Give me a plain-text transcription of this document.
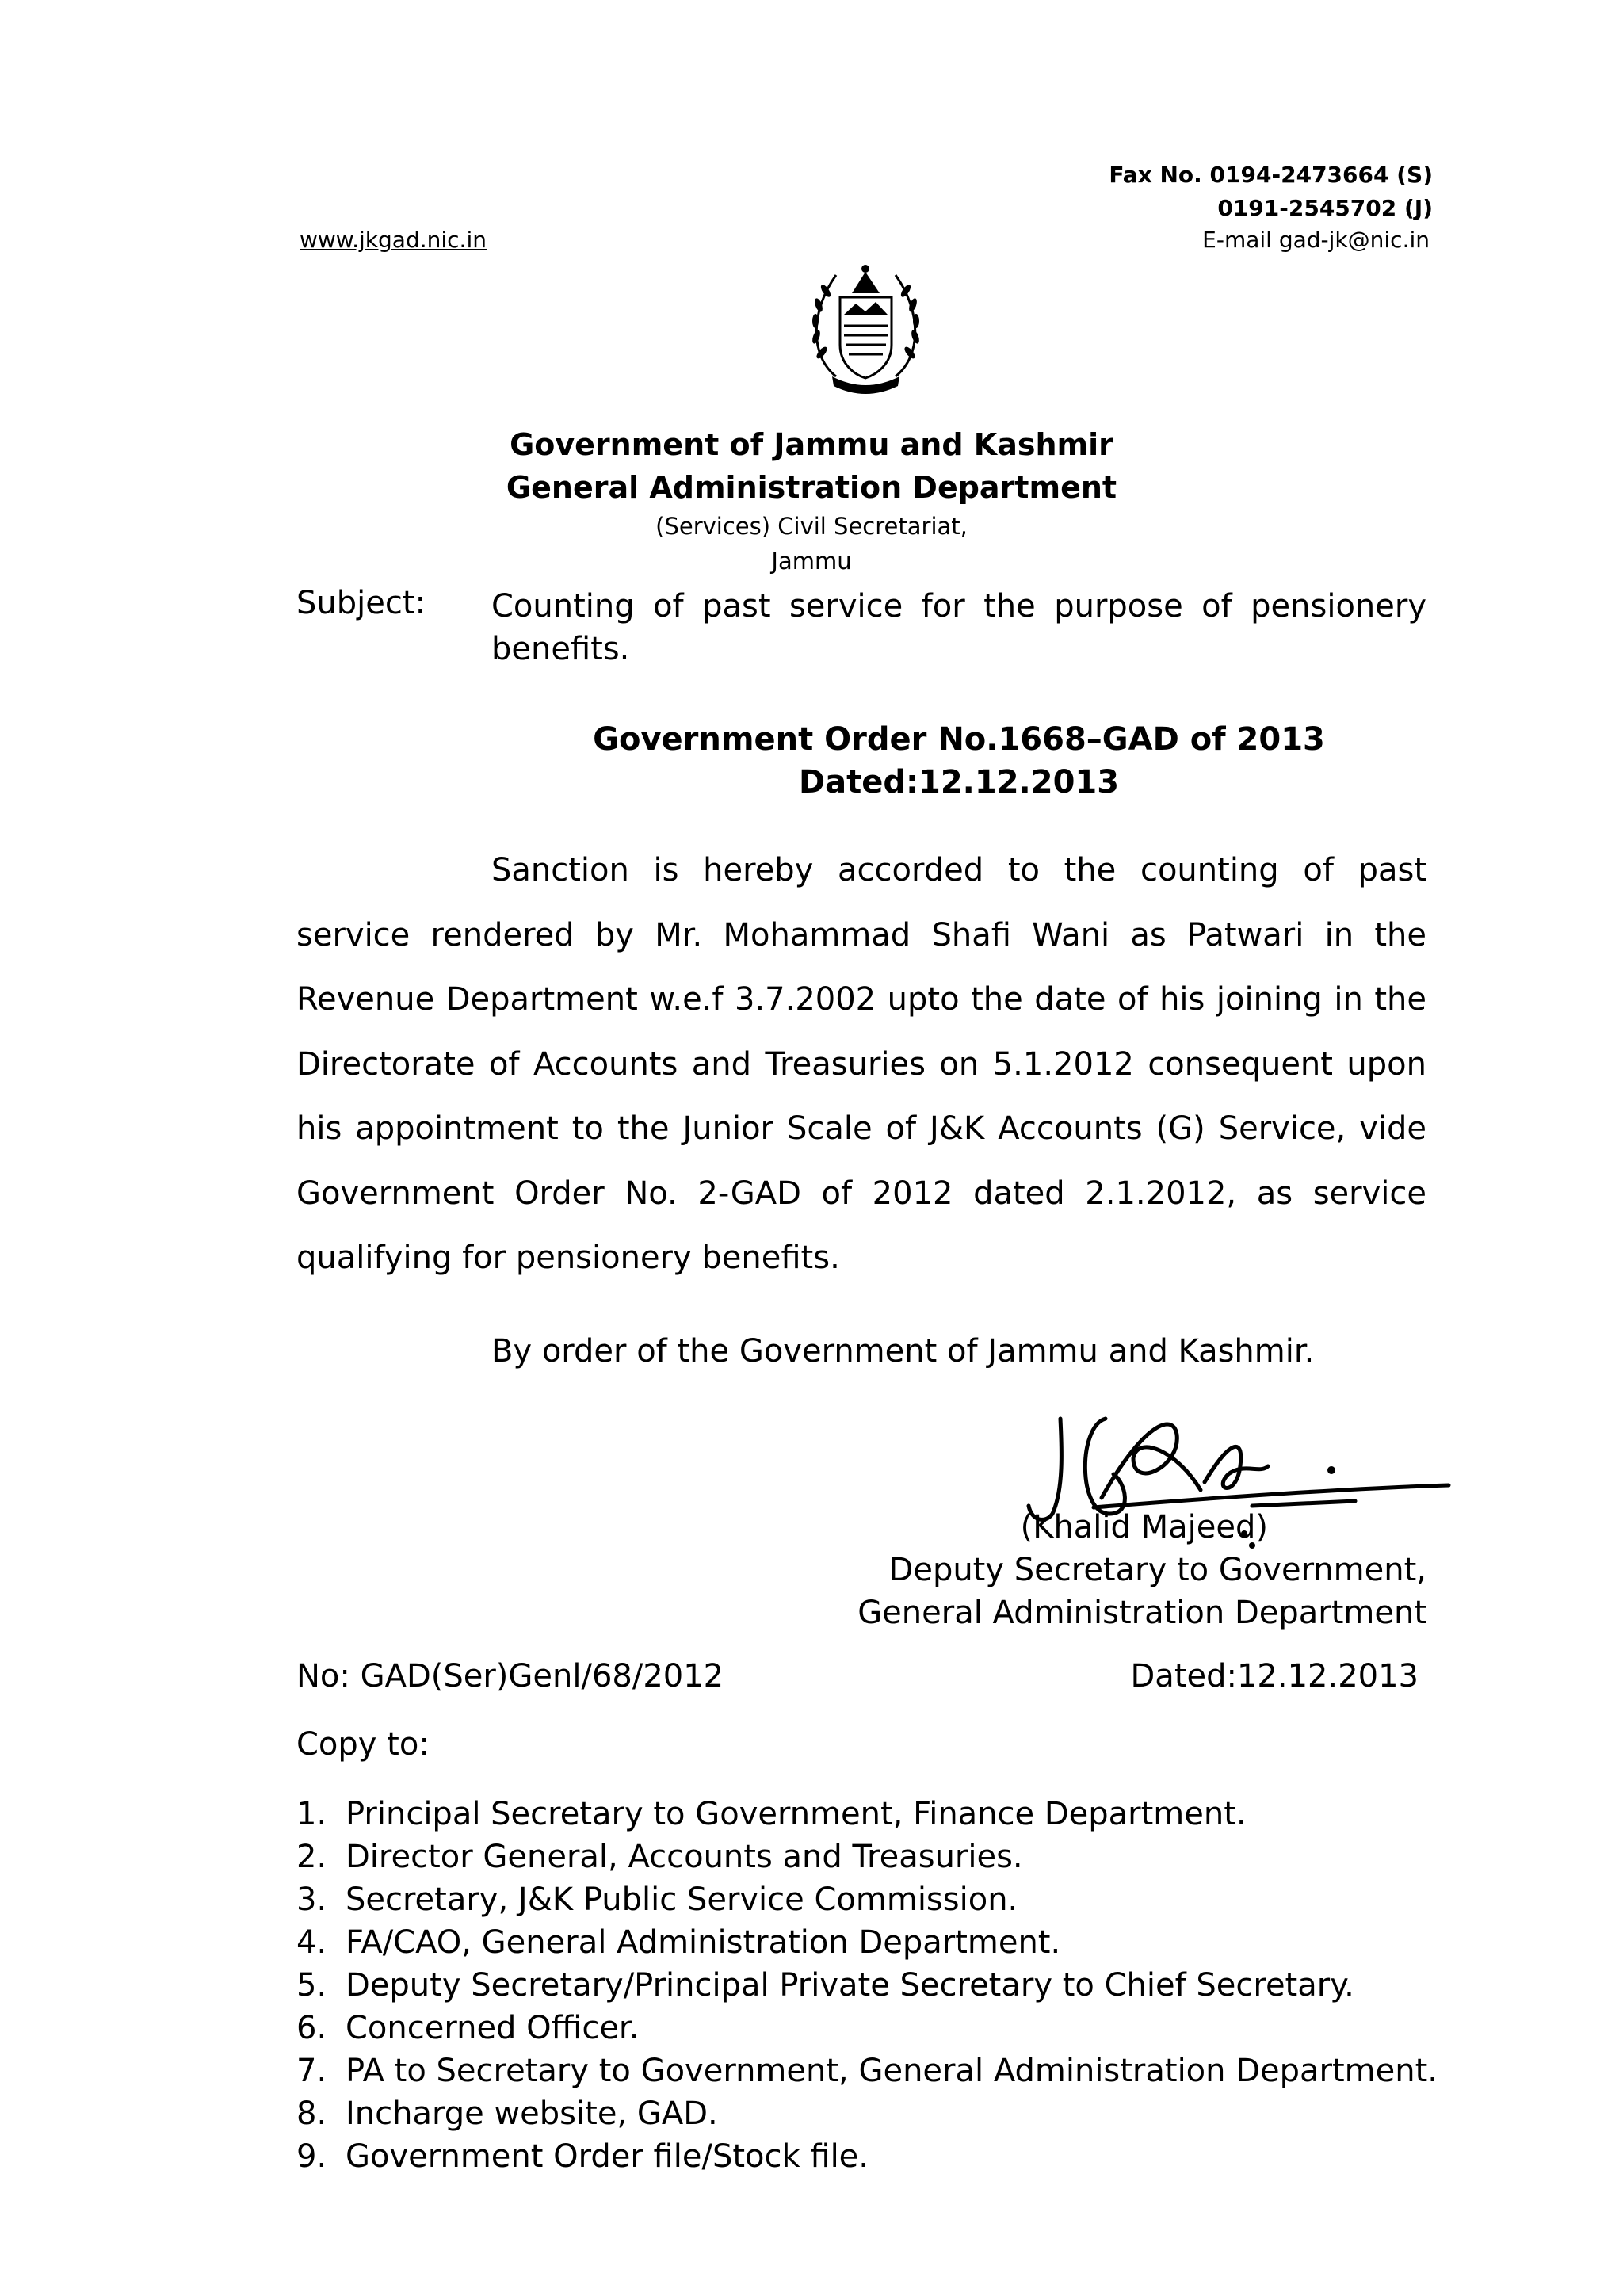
Fax No. 0194-2473664 (S)
0191-2545702 (J)
www.jkgad.nic.in	E-mail gad-jk@nic.in
Government of Jammu and Kashmir
General Administration Department
(Services) Civil Secretariat,
Jammu
Subject: Counting of past service for the purpose of pensionery benefits.
Government Order No.1668–GAD of 2013
Dated:12.12.2013
Sanction is hereby accorded to the counting of past service rendered by Mr. Mohammad Shafi Wani as Patwari in the Revenue Department w.e.f 3.7.2002 upto the date of his joining in the Directorate of Accounts and Treasuries on 5.1.2012 consequent upon his appointment to the Junior Scale of J&K Accounts (G) Service, vide Government Order No. 2-GAD of 2012 dated 2.1.2012, as service qualifying for pensionery benefits.
By order of the Government of Jammu and Kashmir.
(Khalid Majeed)
Deputy Secretary to Government,
General Administration Department
No: GAD(Ser)Genl/68/2012	Dated:12.12.2013
Copy to:
1. Principal Secretary to Government, Finance Department.
2. Director General, Accounts and Treasuries.
3. Secretary, J&K Public Service Commission.
4. FA/CAO, General Administration Department.
5. Deputy Secretary/Principal Private Secretary to Chief Secretary.
6. Concerned Officer.
7. PA to Secretary to Government, General Administration Department.
8. Incharge website, GAD.
9. Government Order file/Stock file.
